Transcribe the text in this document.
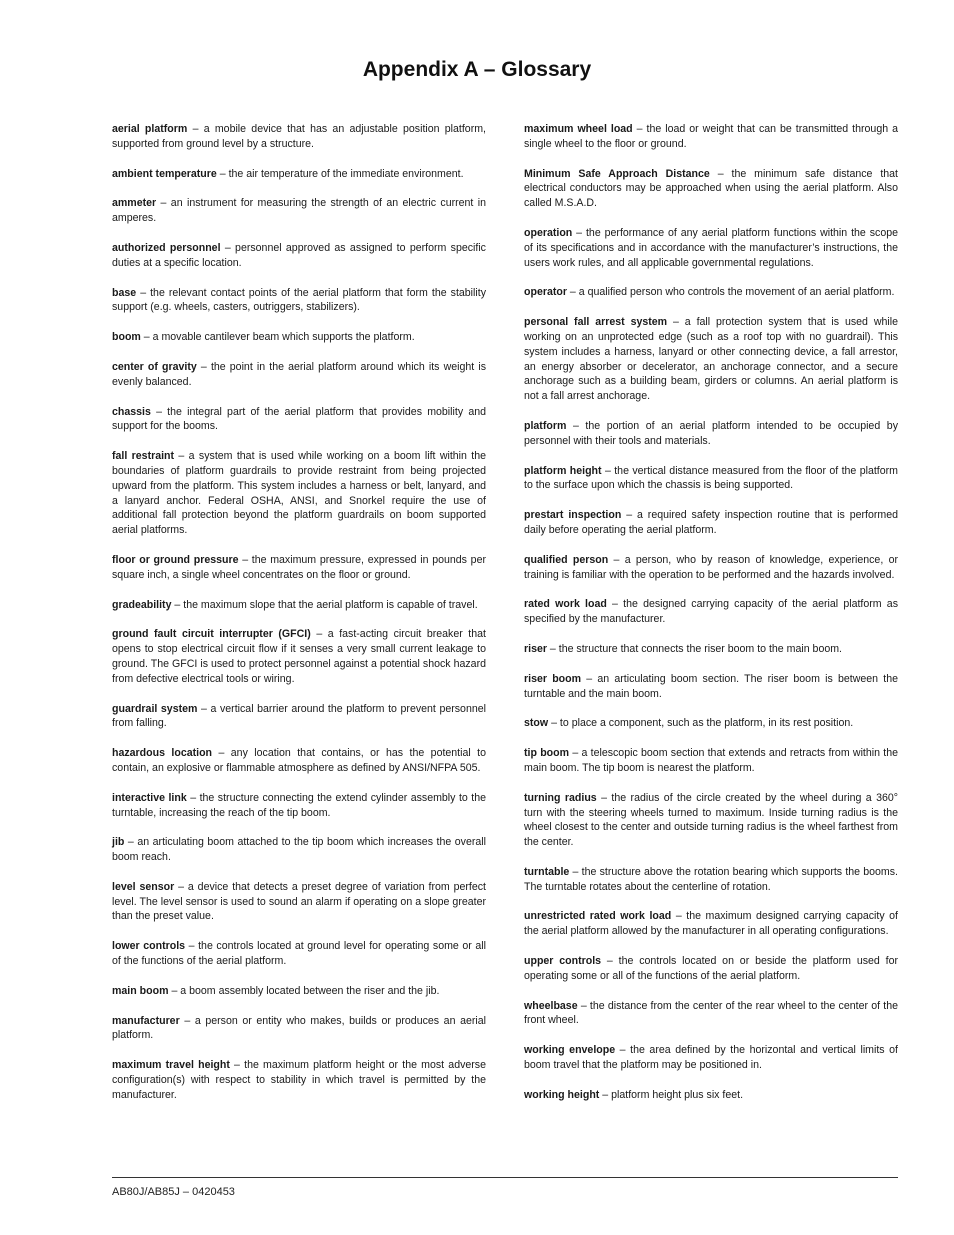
Appendix A – Glossary

aerial platform – a mobile device that has an adjustable position platform, supported from ground level by a structure.

ambient temperature – the air temperature of the immediate environment.

ammeter – an instrument for measuring the strength of an electric current in amperes.

authorized personnel – personnel approved as assigned to perform specific duties at a specific location.

base – the relevant contact points of the aerial platform that form the stability support (e.g. wheels, casters, outriggers, stabilizers).

boom – a movable cantilever beam which supports the platform.

center of gravity – the point in the aerial platform around which its weight is evenly balanced.

chassis – the integral part of the aerial platform that provides mobility and support for the booms.

fall restraint – a system that is used while working on a boom lift within the boundaries of platform guardrails to provide restraint from being projected upward from the platform. This system includes a harness or belt, lanyard, and a lanyard anchor. Federal OSHA, ANSI, and Snorkel require the use of additional fall protection beyond the platform guardrails on boom supported aerial platforms.

floor or ground pressure – the maximum pressure, expressed in pounds per square inch, a single wheel concentrates on the floor or ground.

gradeability – the maximum slope that the aerial platform is capable of travel.

ground fault circuit interrupter (GFCI) – a fast-acting circuit breaker that opens to stop electrical circuit flow if it senses a very small current leakage to ground. The GFCI is used to protect personnel against a potential shock hazard from defective electrical tools or wiring.

guardrail system – a vertical barrier around the platform to prevent personnel from falling.

hazardous location – any location that contains, or has the potential to contain, an explosive or flammable atmosphere as defined by ANSI/NFPA 505.

interactive link – the structure connecting the extend cylinder assembly to the turntable, increasing the reach of the tip boom.

jib – an articulating boom attached to the tip boom which increases the overall boom reach.

level sensor – a device that detects a preset degree of variation from perfect level. The level sensor is used to sound an alarm if operating on a slope greater than the preset value.

lower controls – the controls located at ground level for operating some or all of the functions of the aerial platform.

main boom – a boom assembly located between the riser and the jib.

manufacturer – a person or entity who makes, builds or produces an aerial platform.

maximum travel height – the maximum platform height or the most adverse configuration(s) with respect to stability in which travel is permitted by the manufacturer.

maximum wheel load – the load or weight that can be transmitted through a single wheel to the floor or ground.

Minimum Safe Approach Distance – the minimum safe distance that electrical conductors may be approached when using the aerial platform. Also called M.S.A.D.

operation – the performance of any aerial platform functions within the scope of its specifications and in accordance with the manufacturer’s instructions, the users work rules, and all applicable governmental regulations.

operator – a qualified person who controls the movement of an aerial platform.

personal fall arrest system – a fall protection system that is used while working on an unprotected edge (such as a roof top with no guardrail). This system includes a harness, lanyard or other connecting device, a fall arrestor, an energy absorber or decelerator, an anchorage connector, and a secure anchorage such as a building beam, girders or columns. An aerial platform is not a fall arrest anchorage.

platform – the portion of an aerial platform intended to be occupied by personnel with their tools and materials.

platform height – the vertical distance measured from the floor of the platform to the surface upon which the chassis is being supported.

prestart inspection – a required safety inspection routine that is performed daily before operating the aerial platform.

qualified person – a person, who by reason of knowledge, experience, or training is familiar with the operation to be performed and the hazards involved.

rated work load – the designed carrying capacity of the aerial platform as specified by the manufacturer.

riser – the structure that connects the riser boom to the main boom.

riser boom – an articulating boom section. The riser boom is between the turntable and the main boom.

stow – to place a component, such as the platform, in its rest position.

tip boom – a telescopic boom section that extends and retracts from within the main boom. The tip boom is nearest the platform.

turning radius – the radius of the circle created by the wheel during a 360° turn with the steering wheels turned to maximum. Inside turning radius is the wheel closest to the center and outside turning radius is the wheel farthest from the center.

turntable – the structure above the rotation bearing which supports the booms. The turntable rotates about the centerline of rotation.

unrestricted rated work load – the maximum designed carrying capacity of the aerial platform allowed by the manufacturer in all operating configurations.

upper controls – the controls located on or beside the platform used for operating some or all of the functions of the aerial platform.

wheelbase – the distance from the center of the rear wheel to the center of the front wheel.

working envelope – the area defined by the horizontal and vertical limits of boom travel that the platform may be positioned in.

working height – platform height plus six feet.

AB80J/AB85J – 0420453
